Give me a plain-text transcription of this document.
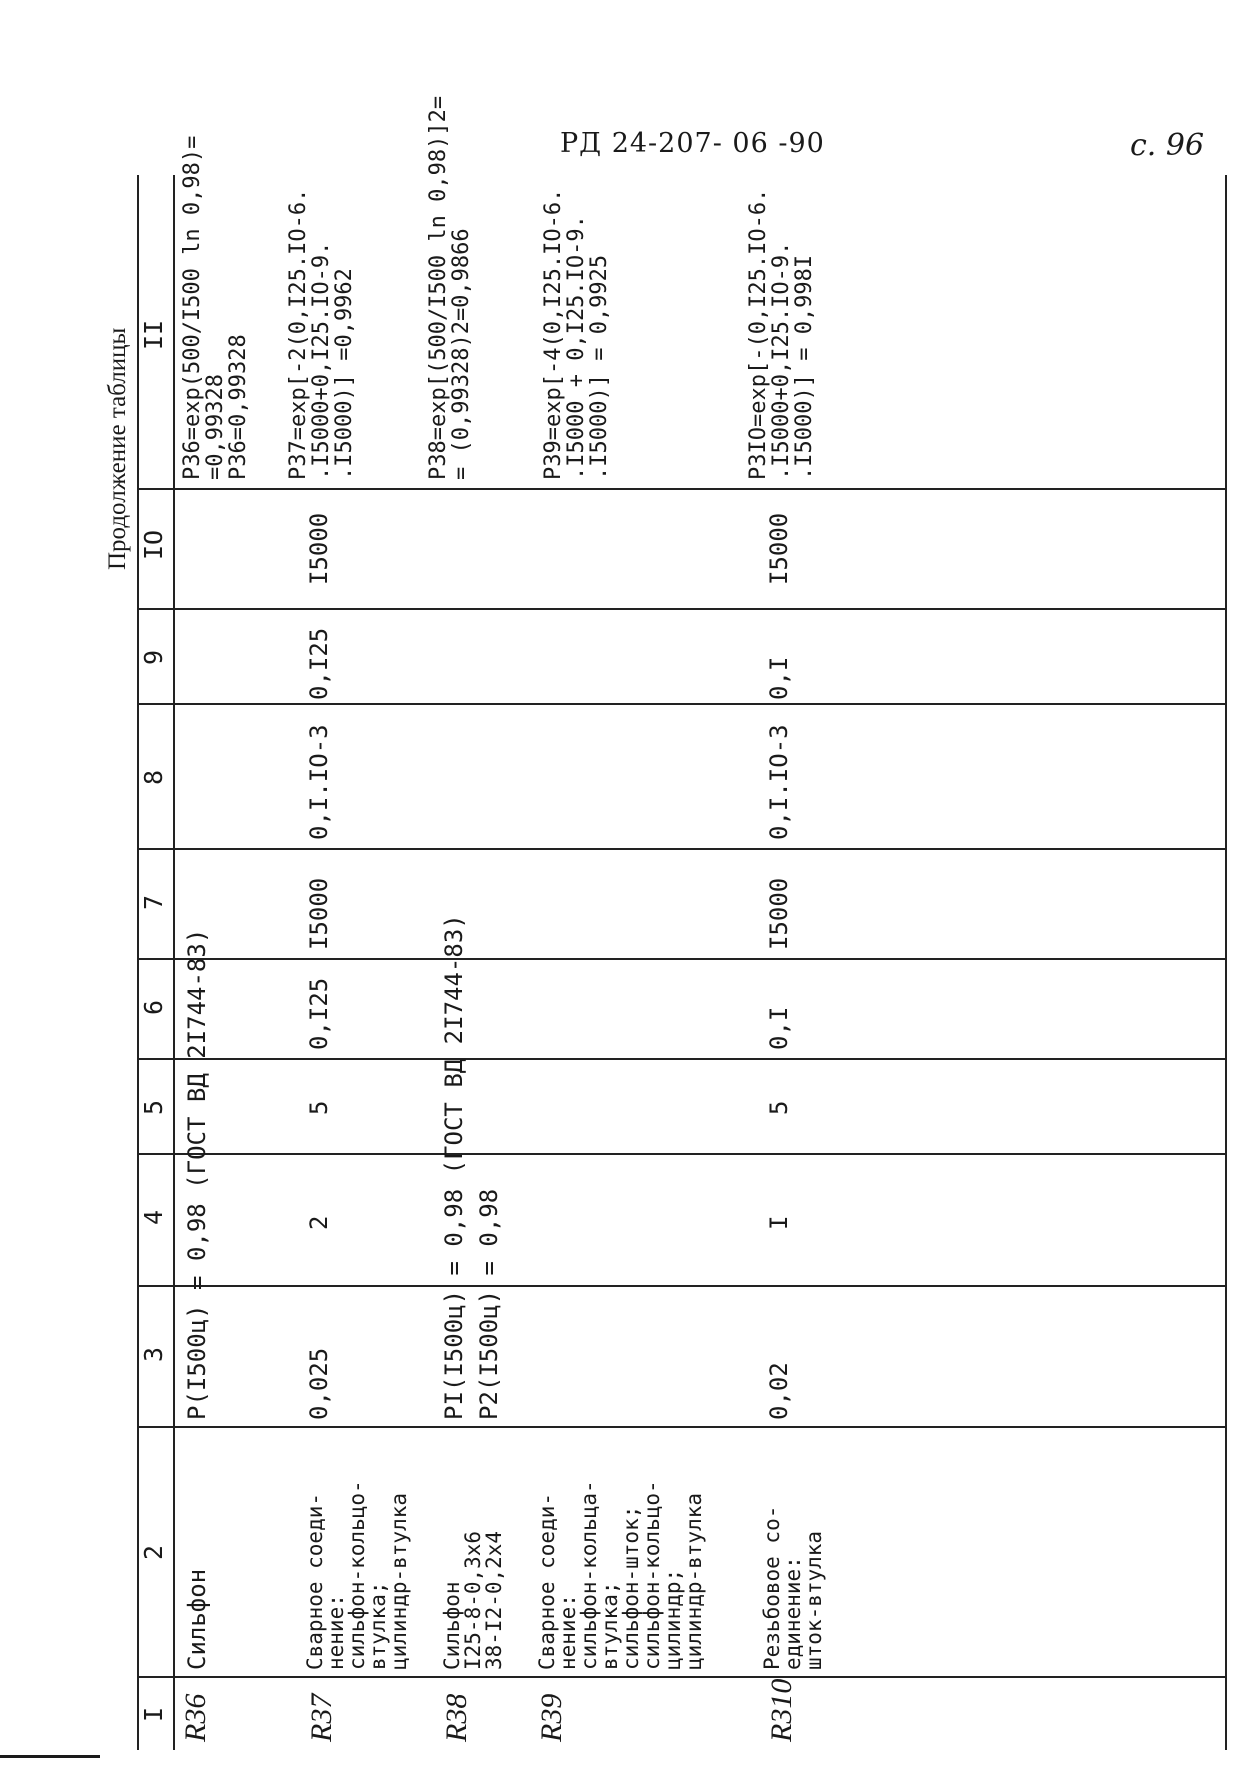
РД 24-207- 06 -90	с. 96
Продолжение таблицы
I
2
3
4
5
6
7
8
9
IO
II
R36
Сильфон
P(I500ц) = 0,98 (ГОСТ ВД 2I744-83)
P36=exp(500/I500 ln 0,98)=
=0,99328
P36=0,99328
R37
Сварное соеди-
нение:
сильфон-кольцо-
втулка;
цилиндр-втулка
0,025
2
5
0,I25
I5000
0,I.IO-3
0,I25
I5000
P37=exp[-2(0,I25.IO-6.
.I5000+0,I25.IO-9.
.I5000)] =0,9962
R38
Сильфон
I25-8-0,3х6
38-I2-0,2х4
PI(I500ц) = 0,98 (ГОСТ ВД 2I744-83) P2(I500ц) = 0,98
P38=exp[(500/I500 ln 0,98)]2=
= (0,99328)2=0,9866
R39
Сварное соеди-
нение:
сильфон-кольца-
втулка;
сильфон-шток;
сильфон-кольцо-
цилиндр;
цилиндр-втулка
P39=exp[-4(0,I25.IO-6.
.I5000 + 0,I25.IO-9.
.I5000)] = 0,9925
R310
Резьбовое со-
единение:
шток-втулка
0,02
I
5
0,I
I5000
0,I.IO-3
0,I
I5000
P3IO=exp[-(0,I25.IO-6.
.I5000+0,I25.IO-9.
.I5000)] = 0,998I
